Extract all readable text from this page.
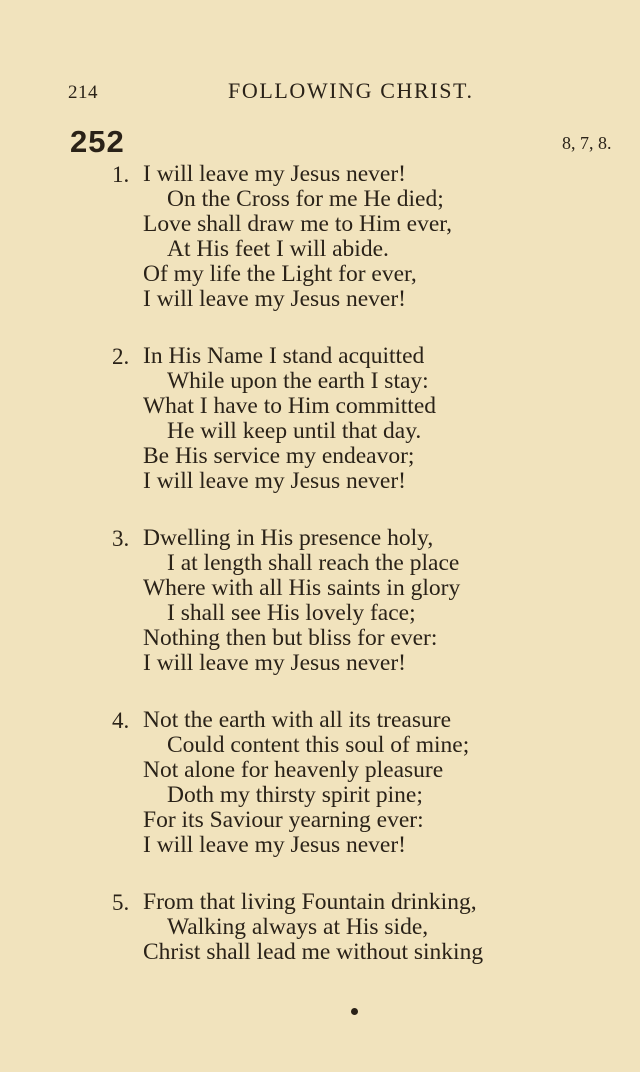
214	FOLLOWING CHRIST.
252	8, 7, 8.
1. I will leave my Jesus never!
On the Cross for me He died;
Love shall draw me to Him ever,
At His feet I will abide.
Of my life the Light for ever,
I will leave my Jesus never!
2. In His Name I stand acquitted
While upon the earth I stay:
What I have to Him committed
He will keep until that day.
Be His service my endeavor;
I will leave my Jesus never!
3. Dwelling in His presence holy,
I at length shall reach the place
Where with all His saints in glory
I shall see His lovely face;
Nothing then but bliss for ever:
I will leave my Jesus never!
4. Not the earth with all its treasure
Could content this soul of mine;
Not alone for heavenly pleasure
Doth my thirsty spirit pine;
For its Saviour yearning ever:
I will leave my Jesus never!
5. From that living Fountain drinking,
Walking always at His side,
Christ shall lead me without sinking
